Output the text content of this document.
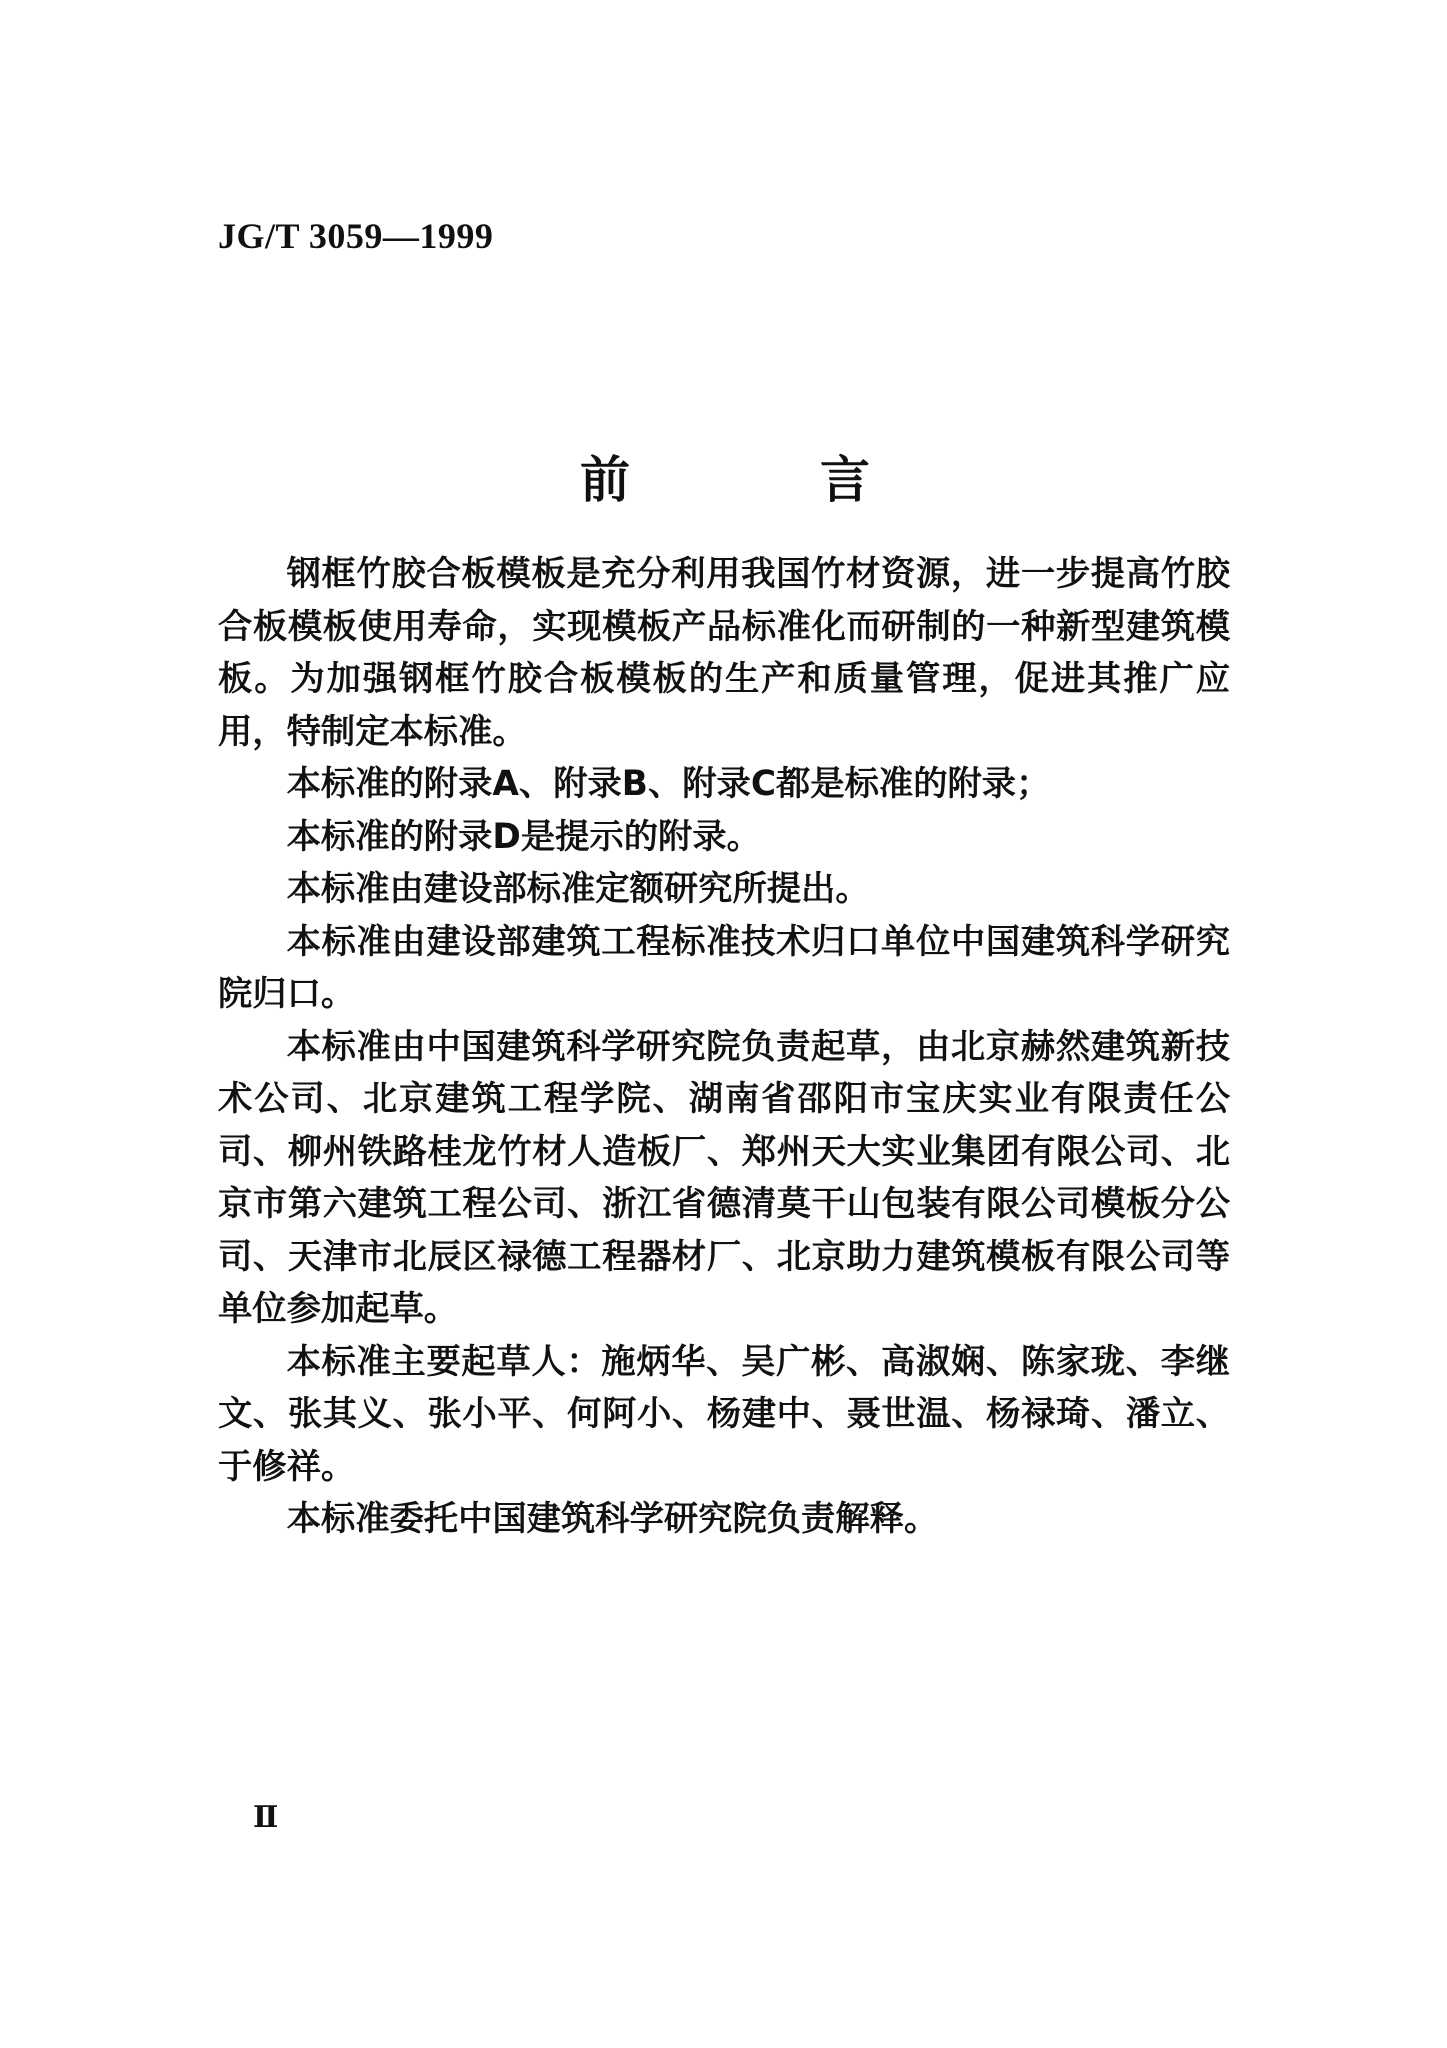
JG/T 3059—1999
前	言

钢框竹胶合板模板是充分利用我国竹材资源，进一步提高竹胶合板模板使用寿命，实现模板产品标准化而研制的一种新型建筑模板。为加强钢框竹胶合板模板的生产和质量管理，促进其推广应用，特制定本标准。

本标准的附录A、附录B、附录C都是标准的附录；

本标准的附录D是提示的附录。

本标准由建设部标准定额研究所提出。

本标准由建设部建筑工程标准技术归口单位中国建筑科学研究院归口。

本标准由中国建筑科学研究院负责起草，由北京赫然建筑新技术公司、北京建筑工程学院、湖南省邵阳市宝庆实业有限责任公司、柳州铁路桂龙竹材人造板厂、郑州天大实业集团有限公司、北京市第六建筑工程公司、浙江省德清莫干山包装有限公司模板分公司、天津市北辰区禄德工程器材厂、北京助力建筑模板有限公司等单位参加起草。

本标准主要起草人：施炳华、吴广彬、高淑娴、陈家珑、李继文、张其义、张小平、何阿小、杨建中、聂世温、杨禄琦、潘立、于修祥。

本标准委托中国建筑科学研究院负责解释。

Ⅱ
